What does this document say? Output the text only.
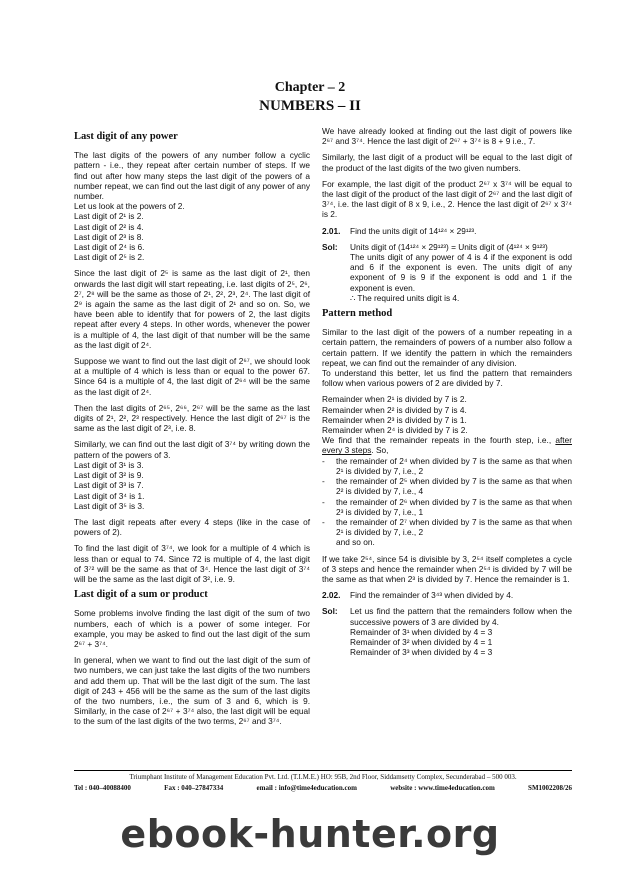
Chapter – 2
NUMBERS – II
Last digit of any power

The last digits of the powers of any number follow a cyclic pattern - i.e., they repeat after certain number of steps. If we find out after how many steps the last digit of the powers of a number repeat, we can find out the last digit of any power of any number.

Let us look at the powers of 2.
Last digit of 2¹ is 2.
Last digit of 2² is 4.
Last digit of 2³ is 8.
Last digit of 2⁴ is 6.
Last digit of 2⁵ is 2.

Since the last digit of 2⁵ is same as the last digit of 2¹, then onwards the last digit will start repeating, i.e. last digits of 2⁵, 2⁶, 2⁷, 2⁸ will be the same as those of 2¹, 2², 2³, 2⁴. The last digit of 2⁹ is again the same as the last digit of 2¹ and so on. So, we have been able to identify that for powers of 2, the last digits repeat after every 4 steps. In other words, whenever the power is a multiple of 4, the last digit of that number will be the same as the last digit of 2⁴.

Suppose we want to find out the last digit of 2⁶⁷, we should look at a multiple of 4 which is less than or equal to the power 67. Since 64 is a multiple of 4, the last digit of 2⁶⁴ will be the same as the last digit of 2⁴.

Then the last digits of 2⁶⁵, 2⁶⁶, 2⁶⁷ will be the same as the last digits of 2¹, 2², 2³ respectively. Hence the last digit of 2⁶⁷ is the same as the last digit of 2³, i.e. 8.

Similarly, we can find out the last digit of 3⁷⁴ by writing down the pattern of the powers of 3.

Last digit of 3¹ is 3.
Last digit of 3² is 9.
Last digit of 3³ is 7.
Last digit of 3⁴ is 1.
Last digit of 3⁵ is 3.

The last digit repeats after every 4 steps (like in the case of powers of 2).

To find the last digit of 3⁷⁴, we look for a multiple of 4 which is less than or equal to 74. Since 72 is multiple of 4, the last digit of 3⁷² will be the same as that of 3⁴. Hence the last digit of 3⁷⁴ will be the same as the last digit of 3², i.e. 9.

Last digit of a sum or product

Some problems involve finding the last digit of the sum of two numbers, each of which is a power of some integer. For example, you may be asked to find out the last digit of the sum 2⁶⁷ + 3⁷⁴.

In general, when we want to find out the last digit of the sum of two numbers, we can just take the last digits of the two numbers and add them up. That will be the last digit of the sum. The last digit of 243 + 456 will be the same as the sum of the last digits of the two numbers, i.e., the sum of 3 and 6, which is 9. Similarly, in the case of 2⁶⁷ + 3⁷⁴ also, the last digit will be equal to the sum of the last digits of the two terms, 2⁶⁷ and 3⁷⁴.

We have already looked at finding out the last digit of powers like 2⁶⁷ and 3⁷⁴. Hence the last digit of 2⁶⁷ + 3⁷⁴ is 8 + 9 i.e., 7.

Similarly, the last digit of a product will be equal to the last digit of the product of the last digits of the two given numbers.

For example, the last digit of the product 2⁶⁷ x 3⁷⁴ will be equal to the last digit of the product of the last digit of 2⁶⁷ and the last digit of 3⁷⁴, i.e. the last digit of 8 x 9, i.e., 2. Hence the last digit of 2⁶⁷ x 3⁷⁴ is 2.

2.01.	Find the units digit of 14¹²⁴ × 29¹²³.
Sol:	Units digit of (14¹²⁴ × 29¹²³) = Units digit of (4¹²⁴ × 9¹²³)
The units digit of any power of 4 is 4 if the exponent is odd and 6 if the exponent is even. The units digit of any exponent of 9 is 9 if the exponent is odd and 1 if the exponent is even.
∴ The required units digit is 4.
Pattern method

Similar to the last digit of the powers of a number repeating in a certain pattern, the remainders of powers of a number also follow a certain pattern. If we identify the pattern in which the remainders repeat, we can find out the remainder of any division.

To understand this better, let us find the pattern that remainders follow when various powers of 2 are divided by 7.

Remainder when 2¹ is divided by 7 is 2.
Remainder when 2² is divided by 7 is 4.
Remainder when 2³ is divided by 7 is 1.
Remainder when 2⁴ is divided by 7 is 2.
We find that the remainder repeats in the fourth step, i.e., after every 3 steps. So,
-	the remainder of 2⁴ when divided by 7 is the same as that when 2¹ is divided by 7, i.e., 2
-	the remainder of 2⁵ when divided by 7 is the same as that when 2² is divided by 7, i.e., 4
-	the remainder of 2⁶ when divided by 7 is the same as that when 2³ is divided by 7, i.e., 1
-	the remainder of 2⁷ when divided by 7 is the same as that when 2¹ is divided by 7, i.e., 2
and so on.

If we take 2⁵⁴, since 54 is divisible by 3, 2⁵⁴ itself completes a cycle of 3 steps and hence the remainder when 2⁵⁴ is divided by 7 will be the same as that when 2³ is divided by 7. Hence the remainder is 1.

2.02.	Find the remainder of 3⁴³ when divided by 4.
Sol:	Let us find the pattern that the remainders follow when the successive powers of 3 are divided by 4.
Remainder of 3¹ when divided by 4 = 3
Remainder of 3² when divided by 4 = 1
Remainder of 3³ when divided by 4 = 3
Triumphant Institute of Management Education Pvt. Ltd. (T.I.M.E.) HO: 95B, 2nd Floor, Siddamsetty Complex, Secunderabad – 500 003.
Tel : 040–40088400	Fax : 040–27847334	email : info@time4education.com	website : www.time4education.com	SM1002208/26
ebook-hunter.org
